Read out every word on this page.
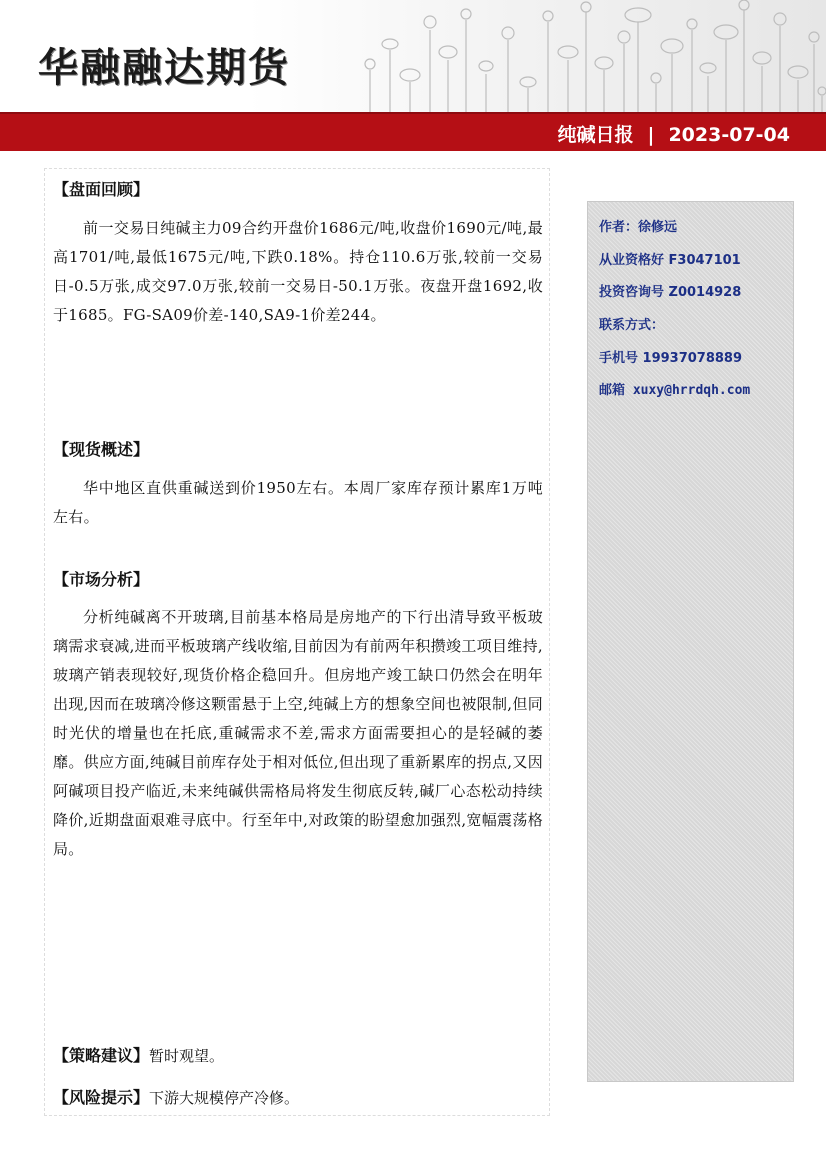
华融融达期货
纯碱日报 | 2023-07-04
【盘面回顾】
前一交易日纯碱主力09合约开盘价1686元/吨,收盘价1690元/吨,最高1701/吨,最低1675元/吨,下跌0.18%。持仓110.6万张,较前一交易日-0.5万张,成交97.0万张,较前一交易日-50.1万张。夜盘开盘1692,收于1685。FG-SA09价差-140,SA9-1价差244。
【现货概述】
华中地区直供重碱送到价1950左右。本周厂家库存预计累库1万吨左右。
【市场分析】
分析纯碱离不开玻璃,目前基本格局是房地产的下行出清导致平板玻璃需求衰减,进而平板玻璃产线收缩,目前因为有前两年积攒竣工项目维持,玻璃产销表现较好,现货价格企稳回升。但房地产竣工缺口仍然会在明年出现,因而在玻璃冷修这颗雷悬于上空,纯碱上方的想象空间也被限制,但同时光伏的增量也在托底,重碱需求不差,需求方面需要担心的是轻碱的萎靡。供应方面,纯碱目前库存处于相对低位,但出现了重新累库的拐点,又因阿碱项目投产临近,未来纯碱供需格局将发生彻底反转,碱厂心态松动持续降价,近期盘面艰难寻底中。行至年中,对政策的盼望愈加强烈,宽幅震荡格局。
【策略建议】暂时观望。
【风险提示】下游大规模停产冷修。
作者：徐修远
从业资格好 F3047101
投资咨询号 Z0014928
联系方式：
手机号 19937078889
邮箱 xuxy@hrrdqh.com
